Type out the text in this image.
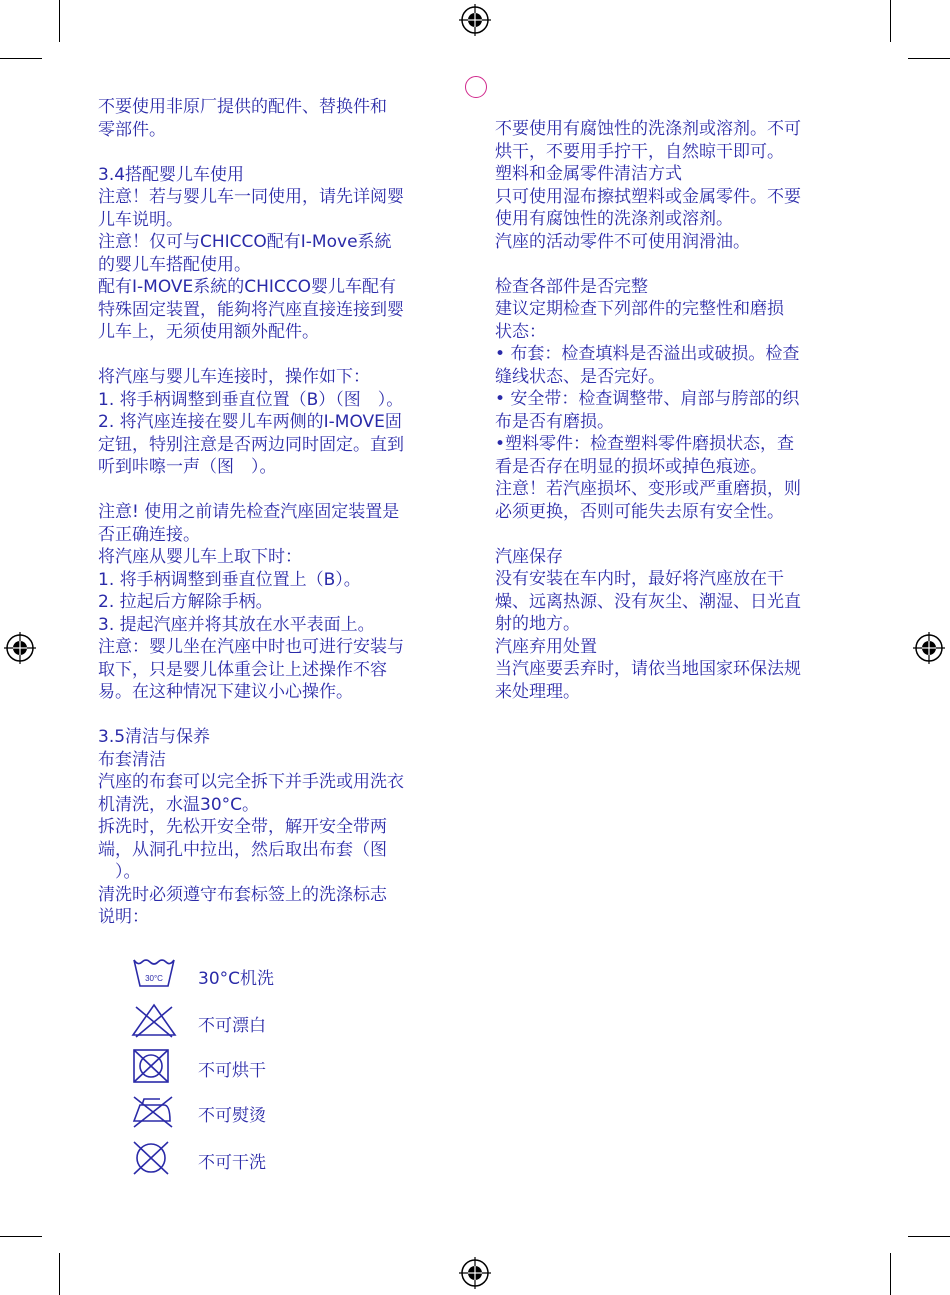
不要使用非原厂提供的配件、替换件和
零部件。

3.4搭配婴儿车使用
注意！若与婴儿车一同使用，请先详阅婴
儿车说明。
注意！仅可与CHICCO配有I-Move系統
的婴儿车搭配使用。
配有I-MOVE系統的CHICCO婴儿车配有
特殊固定装置，能夠将汽座直接连接到婴
儿车上，无须使用额外配件。

将汽座与婴儿车连接时，操作如下：
1. 将手柄调整到垂直位置（B）（图　）。
2. 将汽座连接在婴儿车两侧的I-MOVE固
定钮，特别注意是否两边同时固定。直到
听到咔嚓一声（图　）。

注意! 使用之前请先检查汽座固定装置是
否正确连接。
将汽座从婴儿车上取下时：
1. 将手柄调整到垂直位置上（B）。
2. 拉起后方解除手柄。
3. 提起汽座并将其放在水平表面上。
注意：婴儿坐在汽座中时也可进行安装与
取下，只是婴儿体重会让上述操作不容
易。在这种情况下建议小心操作。

3.5清洁与保养
布套清洁
汽座的布套可以完全拆下并手洗或用洗衣
机清洗，水温30°C。
拆洗时，先松开安全带，解开安全带两
端，从洞孔中拉出，然后取出布套（图
　）。
清洗时必须遵守布套标签上的洗涤标志
说明：

不要使用有腐蚀性的洗涤剂或溶剂。不可
烘干，不要用手拧干，自然晾干即可。
塑料和金属零件清洁方式
只可使用湿布擦拭塑料或金属零件。不要
使用有腐蚀性的洗涤剂或溶剂。
汽座的活动零件不可使用润滑油。

检查各部件是否完整
建议定期检查下列部件的完整性和磨损
状态：
• 布套：检查填料是否溢出或破损。检查
缝线状态、是否完好。
• 安全带：检查调整带、肩部与胯部的织
布是否有磨损。
•塑料零件：检查塑料零件磨损状态，查
看是否存在明显的损坏或掉色痕迹。
注意！若汽座损坏、变形或严重磨损，则
必须更换，否则可能失去原有安全性。

汽座保存
没有安装在车内时，最好将汽座放在干
燥、远离热源、没有灰尘、潮湿、日光直
射的地方。
汽座弃用处置
当汽座要丢弃时，请依当地国家环保法规
来处理理。

30°C 30°C机洗
不可漂白
不可烘干
不可熨烫
不可干洗
